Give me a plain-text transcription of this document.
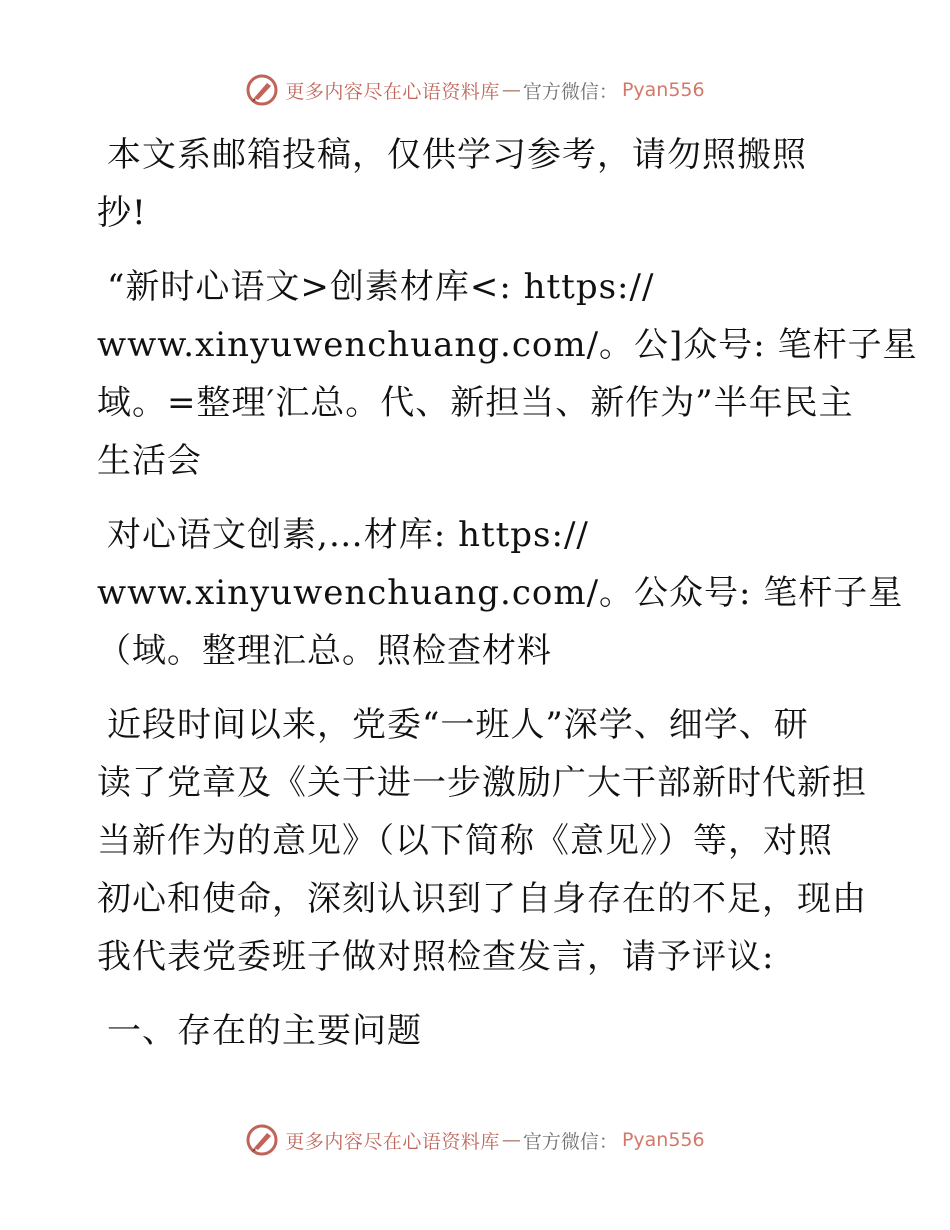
更多内容尽在心语资料库 — 官方微信： Pyan556
本文系邮箱投稿，仅供学习参考，请勿照搬照
抄!
“新时心语文>创素材库<: https://
www.xinyuwenchuang.com/。公]众号: 笔杆子星
域。=整理′汇总。代、新担当、新作为”半年民主
生活会
对心语文创素,…材库: https://
www.xinyuwenchuang.com/。公众号: 笔杆子星
（域。整理汇总。照检查材料
近段时间以来，党委“一班人”深学、细学、研
读了党章及《关于进一步激励广大干部新时代新担
当新作为的意见》（以下简称《意见》）等，对照
初心和使命，深刻认识到了自身存在的不足，现由
我代表党委班子做对照检查发言，请予评议:
一、存在的主要问题
更多内容尽在心语资料库 — 官方微信： Pyan556
